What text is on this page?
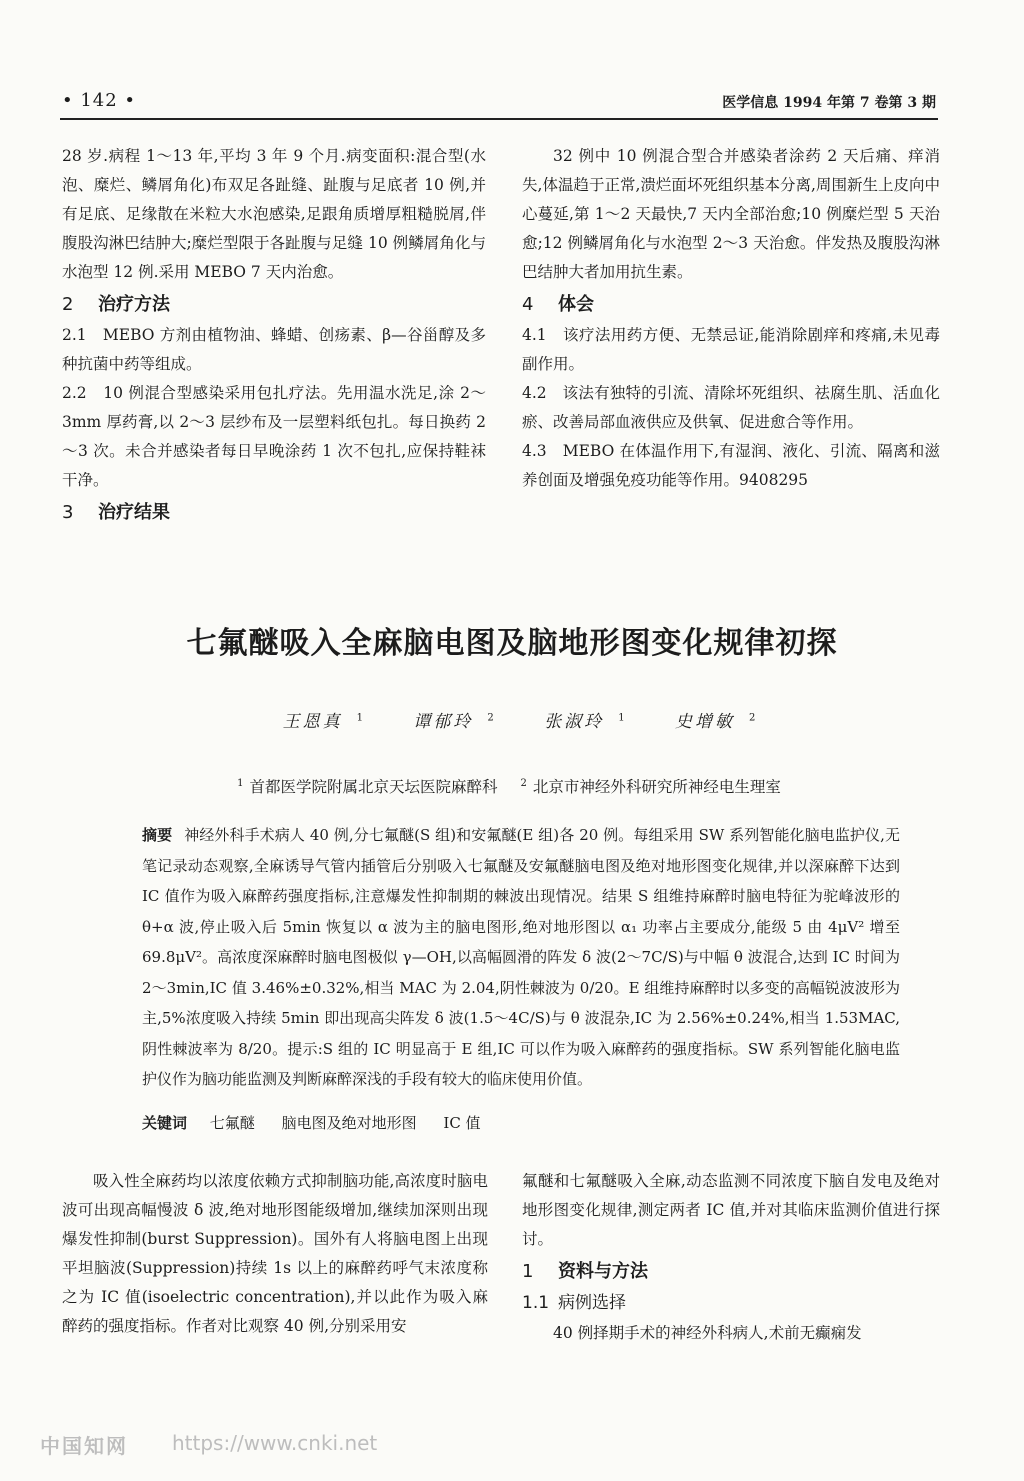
• 142 •	医学信息 1994 年第 7 卷第 3 期

28 岁.病程 1～13 年,平均 3 年 9 个月.病变面积:混合型(水泡、糜烂、鳞屑角化)布双足各趾缝、趾腹与足底者 10 例,并有足底、足缘散在米粒大水泡感染,足跟角质增厚粗糙脱屑,伴腹股沟淋巴结肿大;糜烂型限于各趾腹与足缝 10 例鳞屑角化与水泡型 12 例.采用 MEBO 7 天内治愈。

2 治疗方法

2.1　MEBO 方剂由植物油、蜂蜡、创疡素、β—谷甾醇及多种抗菌中药等组成。

2.2　10 例混合型感染采用包扎疗法。先用温水洗足,涂 2～3mm 厚药膏,以 2～3 层纱布及一层塑料纸包扎。每日换药 2～3 次。未合并感染者每日早晚涂药 1 次不包扎,应保持鞋袜干净。

3 治疗结果

32 例中 10 例混合型合并感染者涂药 2 天后痛、痒消失,体温趋于正常,溃烂面坏死组织基本分离,周围新生上皮向中心蔓延,第 1～2 天最快,7 天内全部治愈;10 例糜烂型 5 天治愈;12 例鳞屑角化与水泡型 2～3 天治愈。伴发热及腹股沟淋巴结肿大者加用抗生素。

4 体会

4.1　该疗法用药方便、无禁忌证,能消除剧痒和疼痛,未见毒副作用。

4.2　该法有独特的引流、清除坏死组织、祛腐生肌、活血化瘀、改善局部血液供应及供氧、促进愈合等作用。

4.3　MEBO 在体温作用下,有湿润、液化、引流、隔离和滋养创面及增强免疫功能等作用。9408295

七氟醚吸入全麻脑电图及脑地形图变化规律初探
王恩真 $^1$	谭郁玲 $^2$	张淑玲 $^1$	史增敏 $^2$
$^1$ 首都医学院附属北京天坛医院麻醉科 $^2$ 北京市神经外科研究所神经电生理室
摘要 神经外科手术病人 40 例,分七氟醚(S 组)和安氟醚(E 组)各 20 例。每组采用 SW 系列智能化脑电监护仪,无笔记录动态观察,全麻诱导气管内插管后分别吸入七氟醚及安氟醚脑电图及绝对地形图变化规律,并以深麻醉下达到 IC 值作为吸入麻醉药强度指标,注意爆发性抑制期的棘波出现情况。结果 S 组维持麻醉时脑电特征为驼峰波形的 θ+α 波,停止吸入后 5min 恢复以 α 波为主的脑电图形,绝对地形图以 α₁ 功率占主要成分,能级 5 由 4μV² 增至 69.8μV²。高浓度深麻醉时脑电图极似 γ—OH,以高幅圆滑的阵发 δ 波(2～7C/S)与中幅 θ 波混合,达到 IC 时间为 2～3min,IC 值 3.46%±0.32%,相当 MAC 为 2.04,阴性棘波为 0/20。E 组维持麻醉时以多变的高幅锐波波形为主,5%浓度吸入持续 5min 即出现高尖阵发 δ 波(1.5～4C/S)与 θ 波混杂,IC 为 2.56%±0.24%,相当 1.53MAC,阴性棘波率为 8/20。提示:S 组的 IC 明显高于 E 组,IC 可以作为吸入麻醉药的强度指标。SW 系列智能化脑电监护仪作为脑功能监测及判断麻醉深浅的手段有较大的临床使用价值。
关键词 七氟醚 脑电图及绝对地形图 IC 值

吸入性全麻药均以浓度依赖方式抑制脑功能,高浓度时脑电波可出现高幅慢波 δ 波,绝对地形图能级增加,继续加深则出现爆发性抑制(burst Suppression)。国外有人将脑电图上出现平坦脑波(Suppression)持续 1s 以上的麻醉药呼气末浓度称之为 IC 值(isoelectric concentration),并以此作为吸入麻醉药的强度指标。作者对比观察 40 例,分别采用安

氟醚和七氟醚吸入全麻,动态监测不同浓度下脑自发电及绝对地形图变化规律,测定两者 IC 值,并对其临床监测价值进行探讨。

1 资料与方法
1.1 病例选择

40 例择期手术的神经外科病人,术前无癫痫发

中国知网 https://www.cnki.net
